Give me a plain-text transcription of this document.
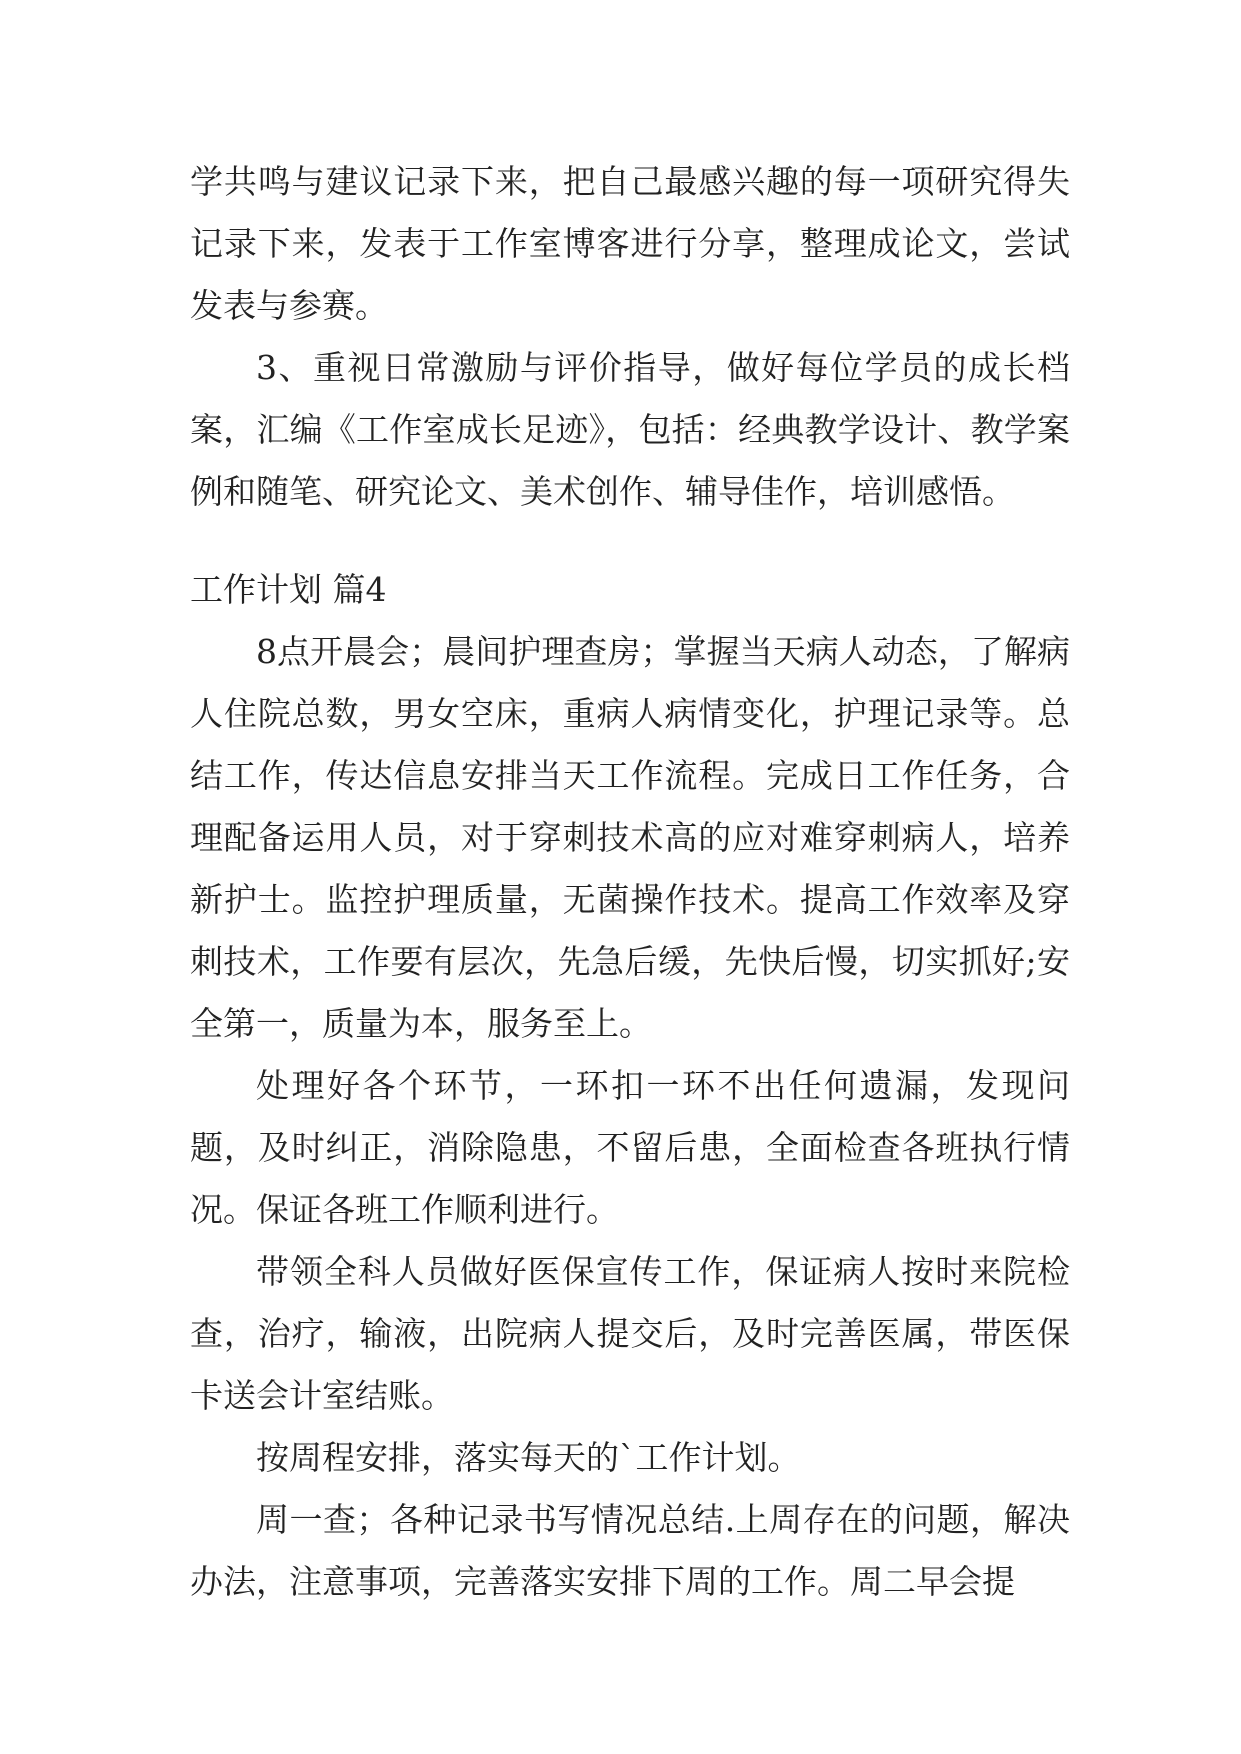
学共鸣与建议记录下来，把自己最感兴趣的每一项研究得失记录下来，发表于工作室博客进行分享，整理成论文，尝试发表与参赛。

3、重视日常激励与评价指导，做好每位学员的成长档案，汇编《工作室成长足迹》，包括：经典教学设计、教学案例和随笔、研究论文、美术创作、辅导佳作，培训感悟。

工作计划 篇4

8点开晨会；晨间护理查房；掌握当天病人动态，了解病人住院总数，男女空床，重病人病情变化，护理记录等。总结工作，传达信息安排当天工作流程。完成日工作任务，合理配备运用人员，对于穿刺技术高的应对难穿刺病人，培养新护士。监控护理质量，无菌操作技术。提高工作效率及穿刺技术，工作要有层次，先急后缓，先快后慢，切实抓好;安全第一，质量为本，服务至上。

处理好各个环节，一环扣一环不出任何遗漏，发现问题，及时纠正，消除隐患，不留后患，全面检查各班执行情况。保证各班工作顺利进行。

带领全科人员做好医保宣传工作，保证病人按时来院检查，治疗，输液，出院病人提交后，及时完善医属，带医保卡送会计室结账。

按周程安排，落实每天的`工作计划。

周一查；各种记录书写情况总结.上周存在的问题，解决办法，注意事项，完善落实安排下周的工作。周二早会提
